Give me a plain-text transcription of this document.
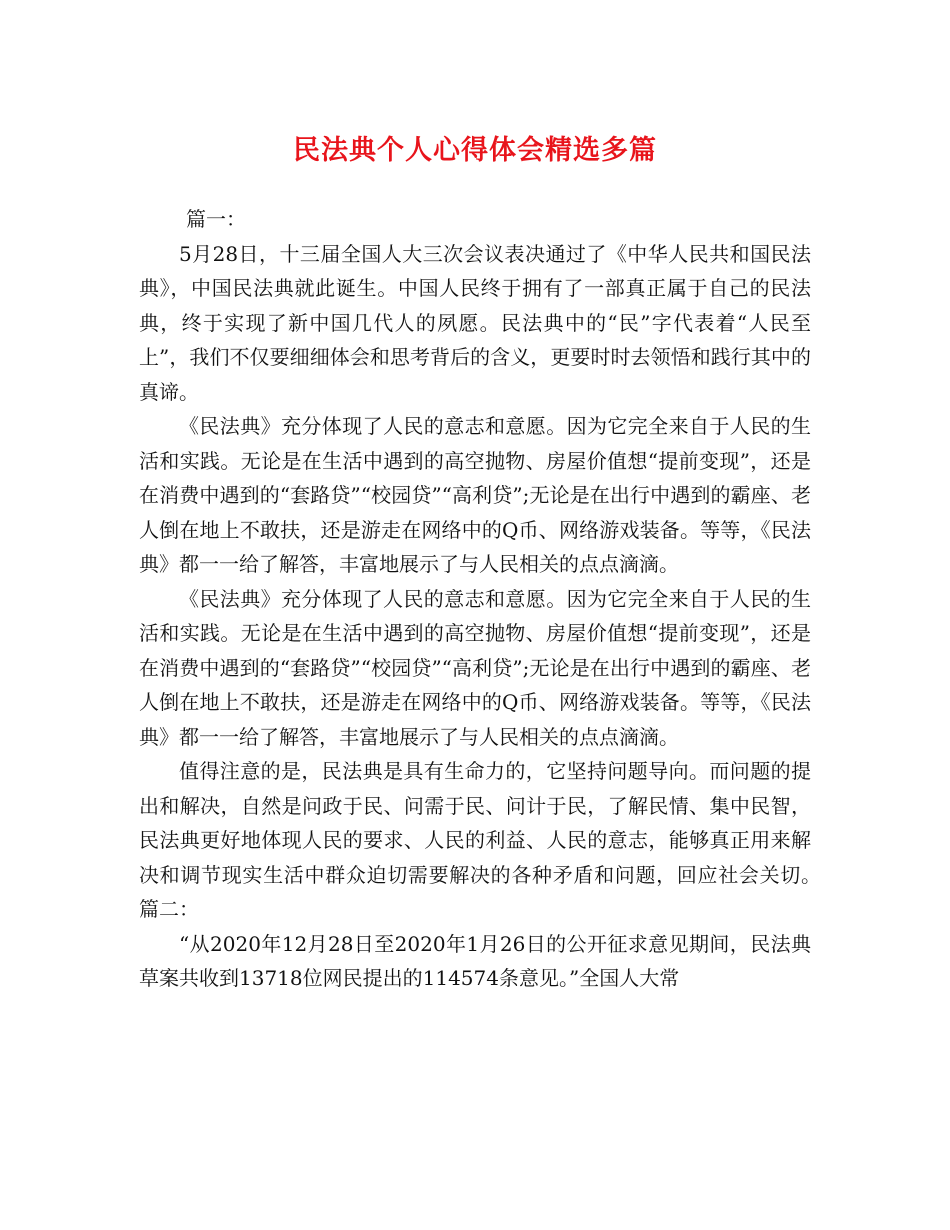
民法典个人心得体会精选多篇

篇一：

5月28日，十三届全国人大三次会议表决通过了《中华人民共和国民法典》，中国民法典就此诞生。中国人民终于拥有了一部真正属于自己的民法典，终于实现了新中国几代人的夙愿。民法典中的“民”字代表着“人民至上”，我们不仅要细细体会和思考背后的含义，更要时时去领悟和践行其中的真谛。

《民法典》充分体现了人民的意志和意愿。因为它完全来自于人民的生活和实践。无论是在生活中遇到的高空抛物、房屋价值想“提前变现”，还是在消费中遇到的“套路贷”“校园贷”“高利贷”;无论是在出行中遇到的霸座、老人倒在地上不敢扶，还是游走在网络中的Q币、网络游戏装备。等等，《民法典》都一一给了解答，丰富地展示了与人民相关的点点滴滴。

《民法典》充分体现了人民的意志和意愿。因为它完全来自于人民的生活和实践。无论是在生活中遇到的高空抛物、房屋价值想“提前变现”，还是在消费中遇到的“套路贷”“校园贷”“高利贷”;无论是在出行中遇到的霸座、老人倒在地上不敢扶，还是游走在网络中的Q币、网络游戏装备。等等，《民法典》都一一给了解答，丰富地展示了与人民相关的点点滴滴。

值得注意的是，民法典是具有生命力的，它坚持问题导向。而问题的提出和解决，自然是问政于民、问需于民、问计于民，了解民情、集中民智，民法典更好地体现人民的要求、人民的利益、人民的意志，能够真正用来解决和调节现实生活中群众迫切需要解决的各种矛盾和问题，回应社会关切。　　篇二：

“从2020年12月28日至2020年1月26日的公开征求意见期间，民法典草案共收到13718位网民提出的114574条意见。”全国人大常
